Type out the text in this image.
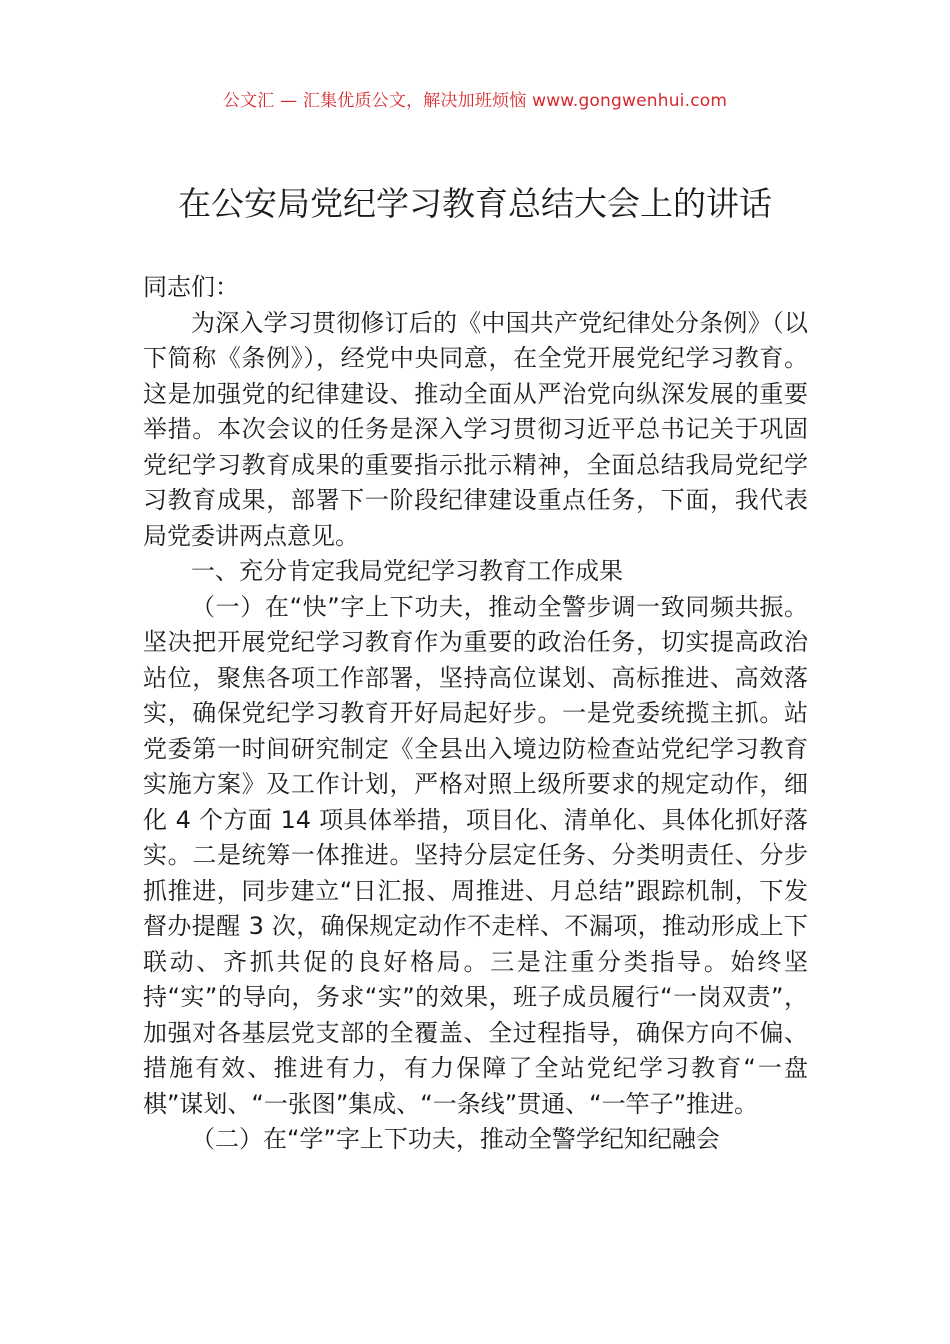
公文汇 — 汇集优质公文，解决加班烦恼 www.gongwenhui.com
在公安局党纪学习教育总结大会上的讲话

同志们：

为深入学习贯彻修订后的《中国共产党纪律处分条例》（以下简称《条例》），经党中央同意，在全党开展党纪学习教育。这是加强党的纪律建设、推动全面从严治党向纵深发展的重要举措。本次会议的任务是深入学习贯彻习近平总书记关于巩固党纪学习教育成果的重要指示批示精神，全面总结我局党纪学习教育成果，部署下一阶段纪律建设重点任务，下面，我代表局党委讲两点意见。

一、充分肯定我局党纪学习教育工作成果

（一）在“快”字上下功夫，推动全警步调一致同频共振。坚决把开展党纪学习教育作为重要的政治任务，切实提高政治站位，聚焦各项工作部署，坚持高位谋划、高标推进、高效落实，确保党纪学习教育开好局起好步。一是党委统揽主抓。站党委第一时间研究制定《全县出入境边防检查站党纪学习教育实施方案》及工作计划，严格对照上级所要求的规定动作，细化 4 个方面 14 项具体举措，项目化、清单化、具体化抓好落实。二是统筹一体推进。坚持分层定任务、分类明责任、分步抓推进，同步建立“日汇报、周推进、月总结”跟踪机制，下发督办提醒 3 次，确保规定动作不走样、不漏项，推动形成上下联动、齐抓共促的良好格局。三是注重分类指导。始终坚持“实”的导向，务求“实”的效果，班子成员履行“一岗双责”，加强对各基层党支部的全覆盖、全过程指导，确保方向不偏、措施有效、推进有力，有力保障了全站党纪学习教育“一盘棋”谋划、“一张图”集成、“一条线”贯通、“一竿子”推进。

（二）在“学”字上下功夫，推动全警学纪知纪融会
